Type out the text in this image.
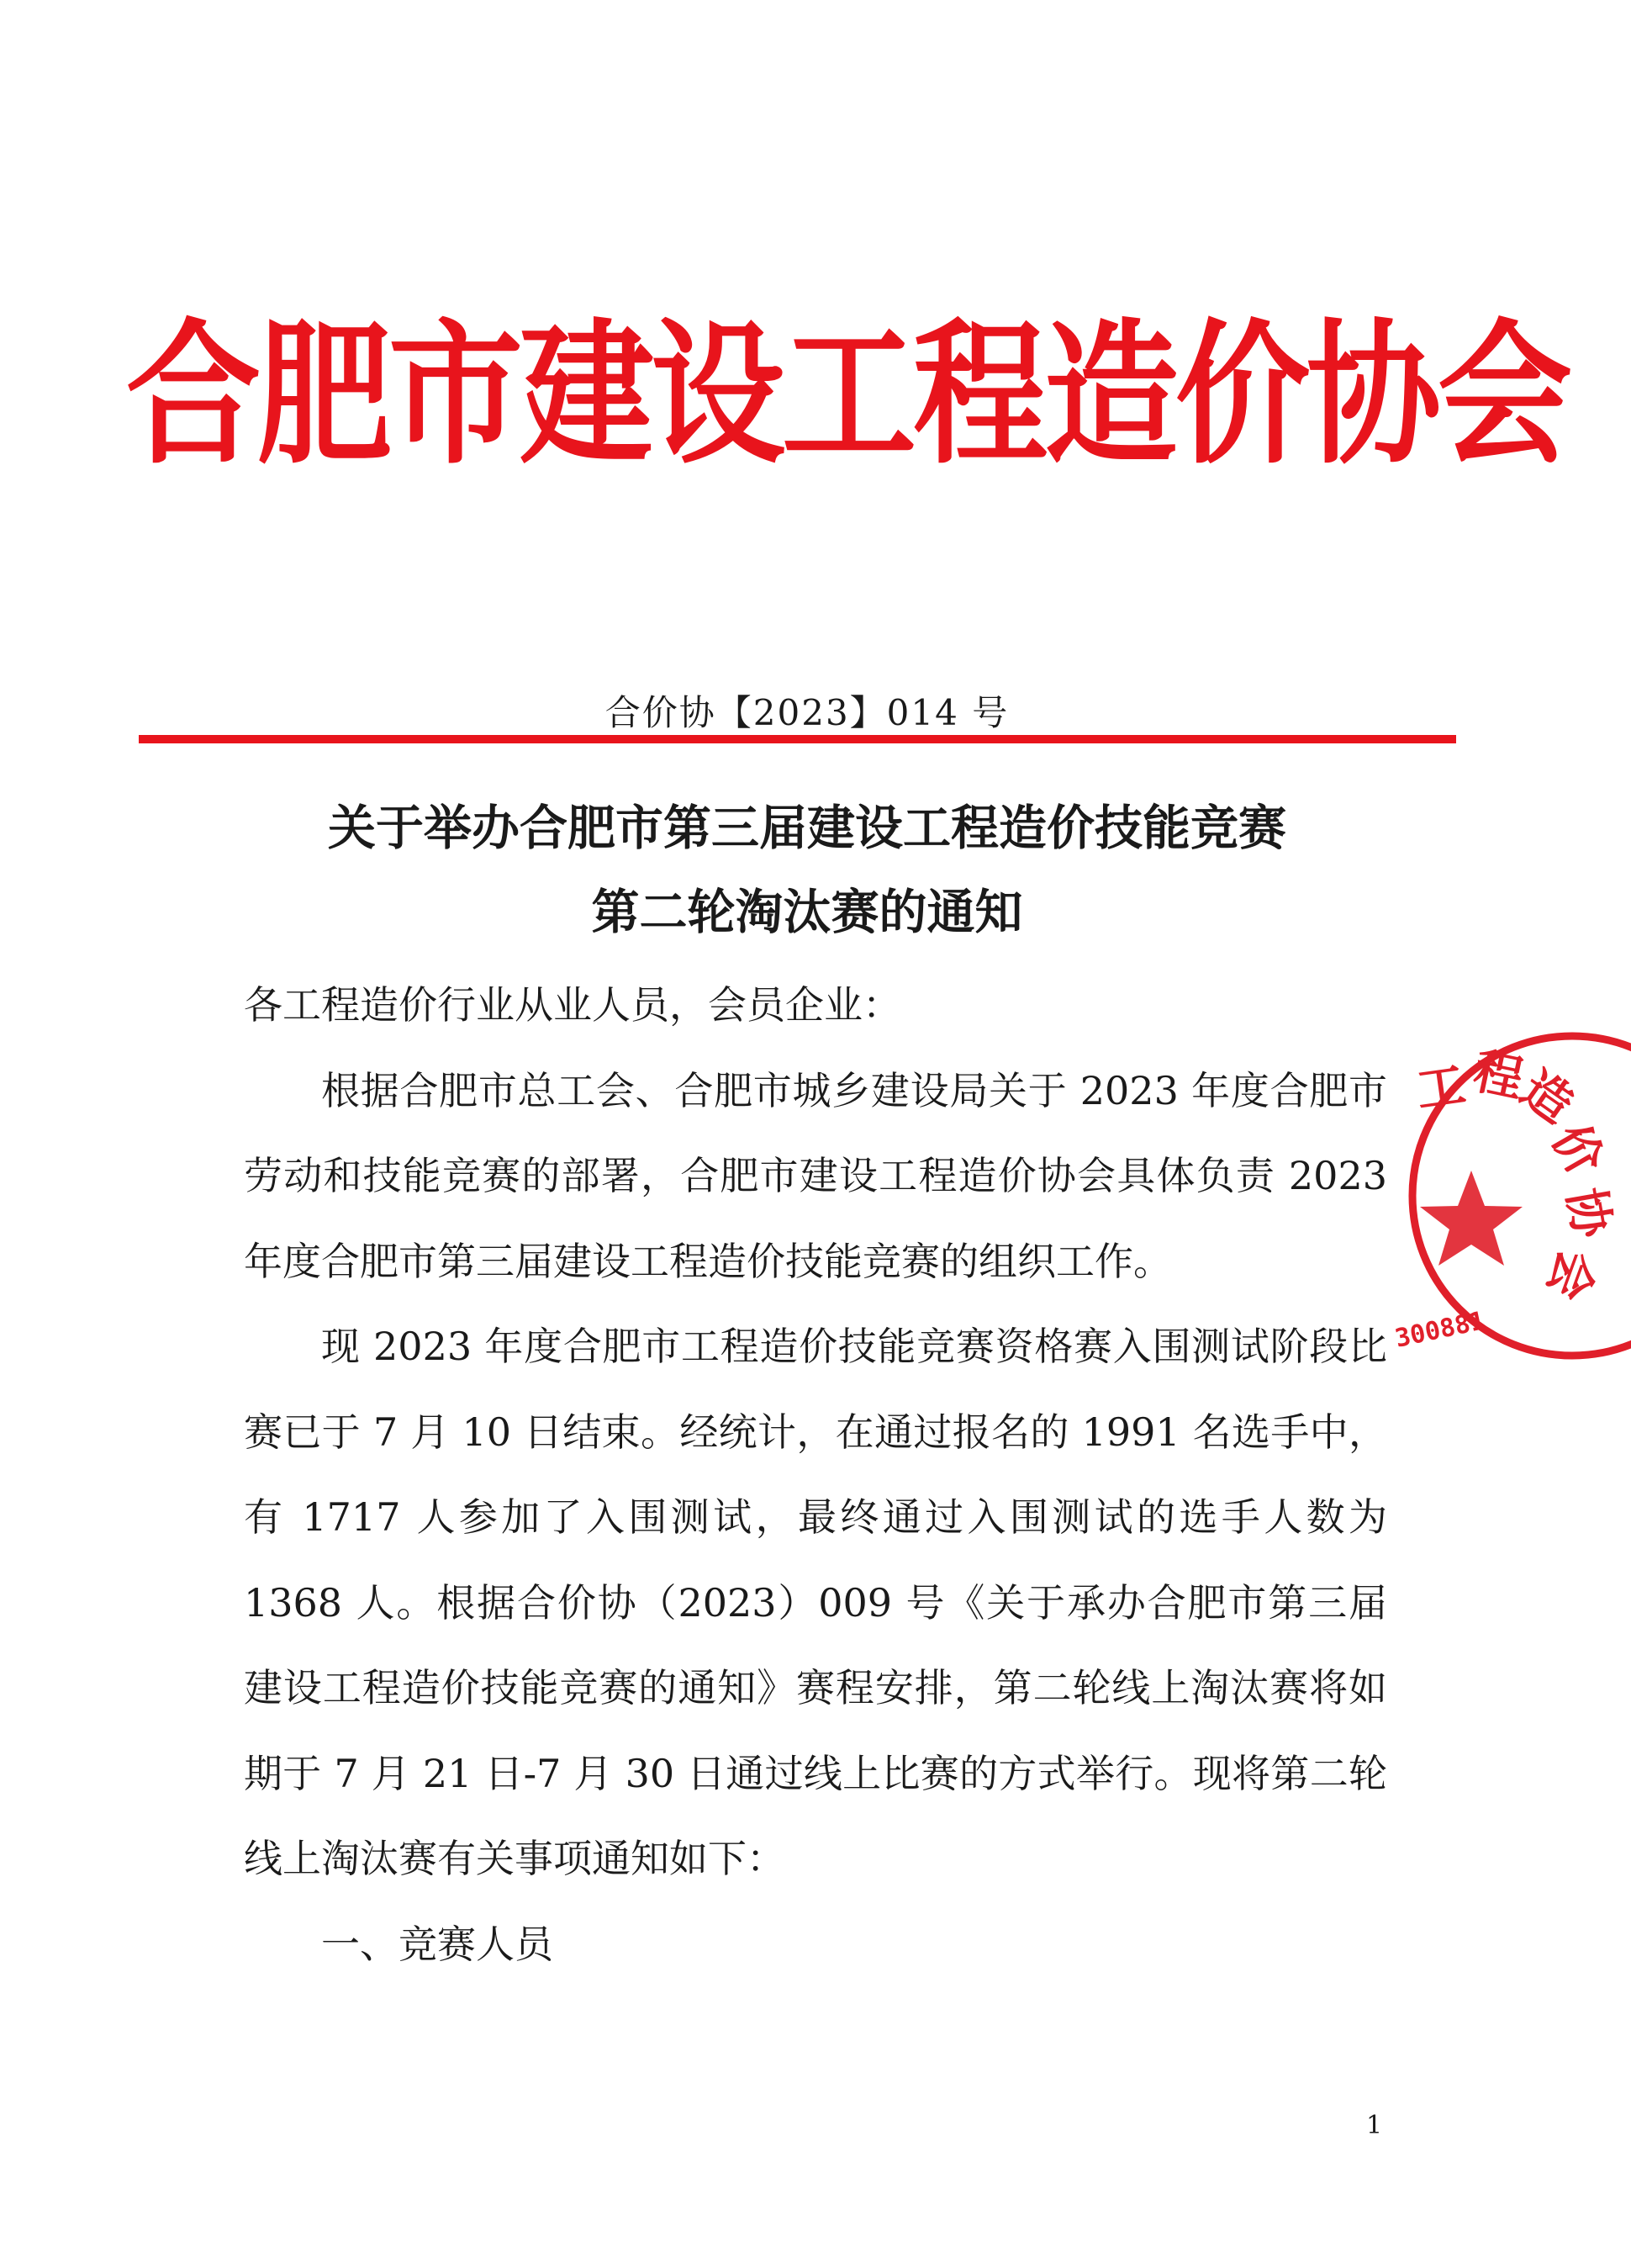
合肥市建设工程造价协会
合价协【2023】014 号
关于举办合肥市第三届建设工程造价技能竞赛
第二轮淘汰赛的通知

各工程造价行业从业人员，会员企业：

根据合肥市总工会、合肥市城乡建设局关于 2023 年度合肥市劳动和技能竞赛的部署，合肥市建设工程造价协会具体负责 2023 年度合肥市第三届建设工程造价技能竞赛的组织工作。

现 2023 年度合肥市工程造价技能竞赛资格赛入围测试阶段比赛已于 7 月 10 日结束。经统计，在通过报名的 1991 名选手中，有 1717 人参加了入围测试，最终通过入围测试的选手人数为 1368 人。根据合价协（2023）009 号《关于承办合肥市第三届建设工程造价技能竞赛的通知》赛程安排，第二轮线上淘汰赛将如期于 7 月 21 日-7 月 30 日通过线上比赛的方式举行。现将第二轮线上淘汰赛有关事项通知如下：

一、竞赛人员

工 程
造
价
协
会
300881
1
